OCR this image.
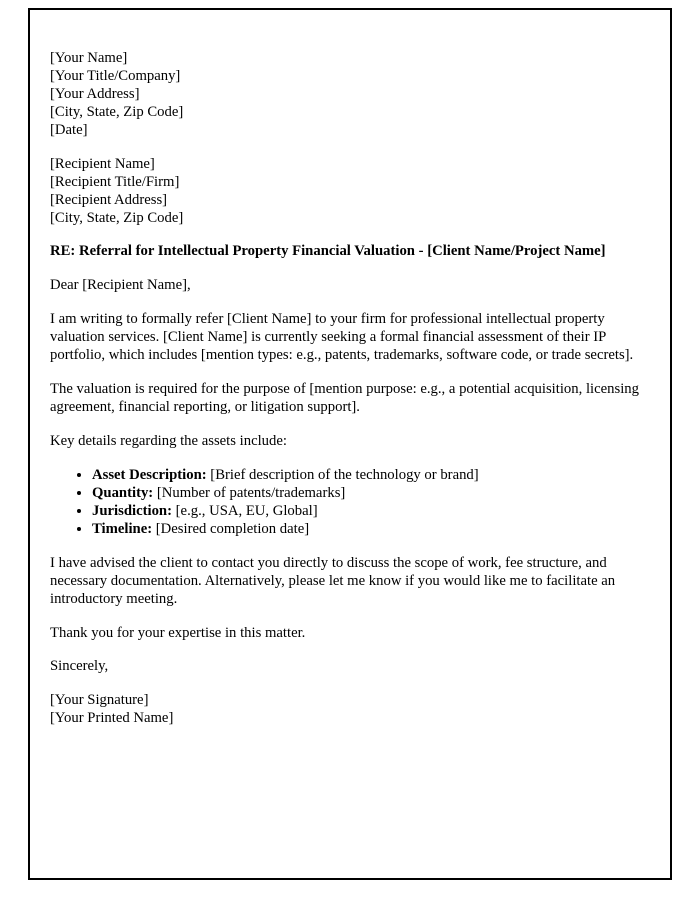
[Your Name]

[Your Title/Company]

[Your Address]

[City, State, Zip Code]

[Date]

[Recipient Name]

[Recipient Title/Firm]

[Recipient Address]

[City, State, Zip Code]

RE: Referral for Intellectual Property Financial Valuation - [Client Name/Project Name]

Dear [Recipient Name],

I am writing to formally refer [Client Name] to your firm for professional intellectual property valuation services. [Client Name] is currently seeking a formal financial assessment of their IP portfolio, which includes [mention types: e.g., patents, trademarks, software code, or trade secrets].

The valuation is required for the purpose of [mention purpose: e.g., a potential acquisition, licensing agreement, financial reporting, or litigation support].

Key details regarding the assets include:

• Asset Description: [Brief description of the technology or brand]
• Quantity: [Number of patents/trademarks]
• Jurisdiction: [e.g., USA, EU, Global]
• Timeline: [Desired completion date]

I have advised the client to contact you directly to discuss the scope of work, fee structure, and necessary documentation. Alternatively, please let me know if you would like me to facilitate an introductory meeting.

Thank you for your expertise in this matter.

Sincerely,

[Your Signature]

[Your Printed Name]
